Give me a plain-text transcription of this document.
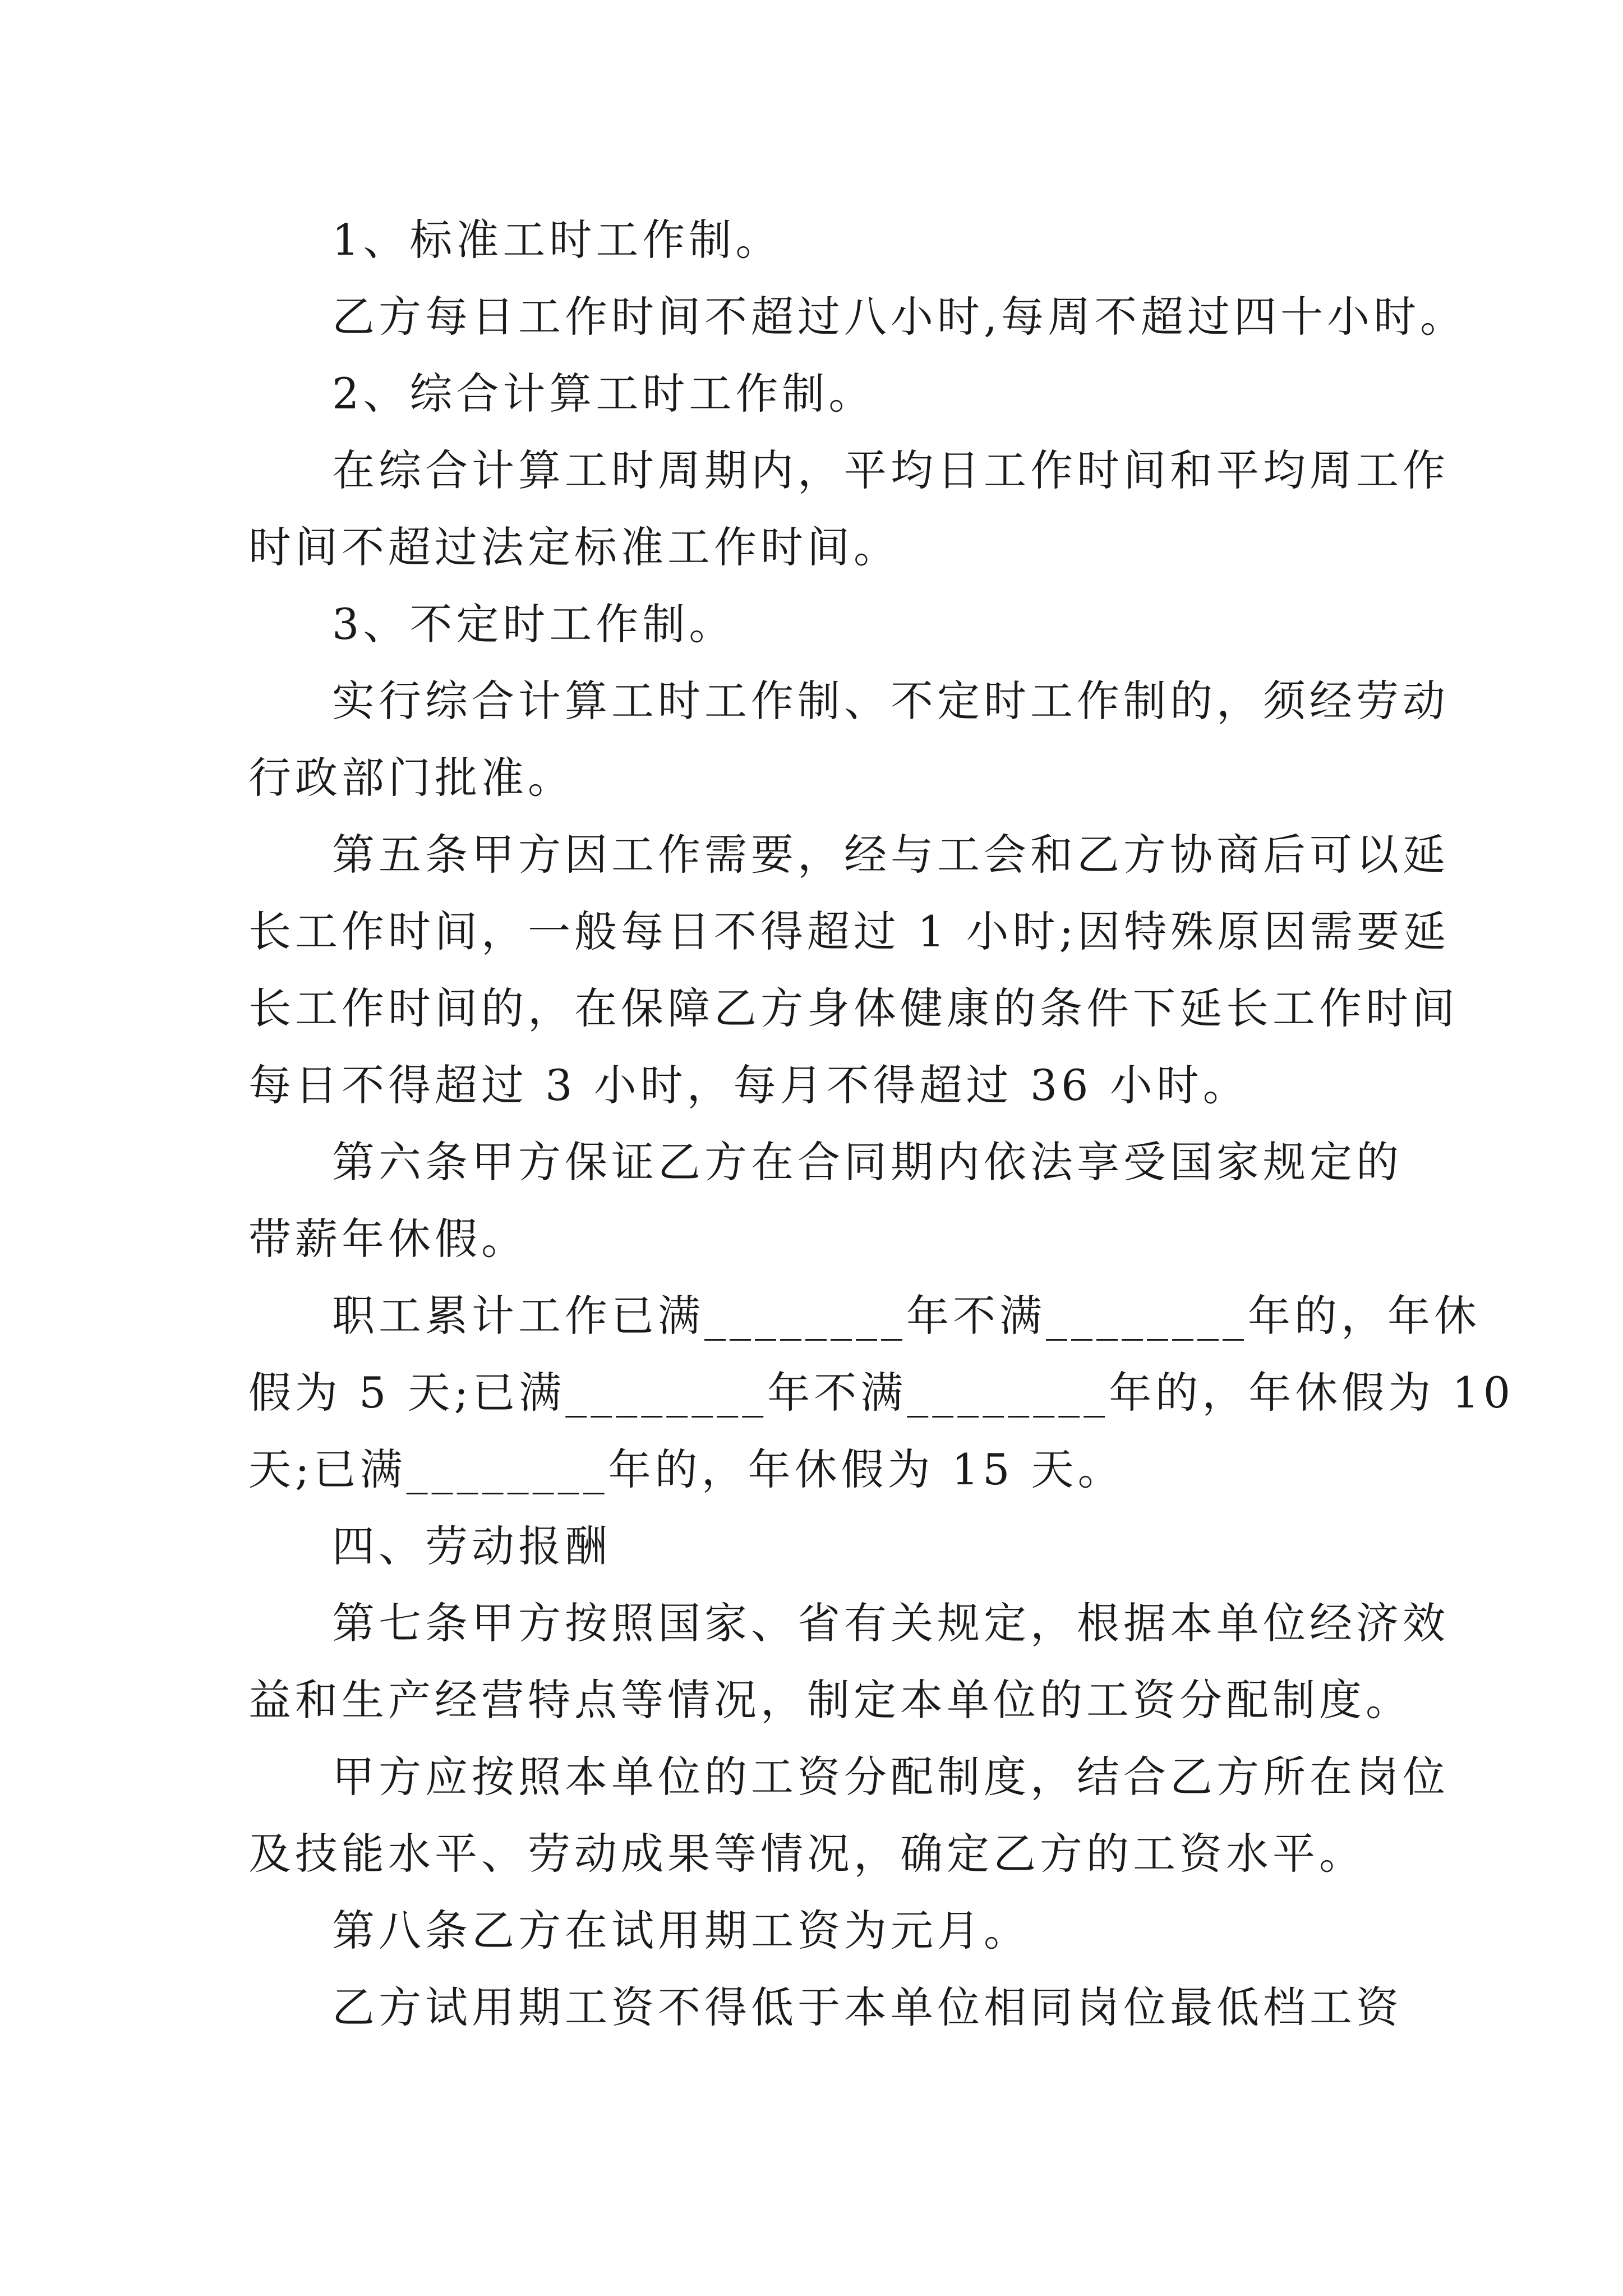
1、标准工时工作制。

乙方每日工作时间不超过八小时,每周不超过四十小时。

2、综合计算工时工作制。

在综合计算工时周期内，平均日工作时间和平均周工作

时间不超过法定标准工作时间。

3、不定时工作制。

实行综合计算工时工作制、不定时工作制的，须经劳动

行政部门批准。

第五条甲方因工作需要，经与工会和乙方协商后可以延

长工作时间，一般每日不得超过 1 小时;因特殊原因需要延

长工作时间的，在保障乙方身体健康的条件下延长工作时间

每日不得超过 3 小时，每月不得超过 36 小时。

第六条甲方保证乙方在合同期内依法享受国家规定的

带薪年休假。

职工累计工作已满________年不满________年的，年休

假为 5 天;已满________年不满________年的，年休假为 10

天;已满________年的，年休假为 15 天。

四、劳动报酬

第七条甲方按照国家、省有关规定，根据本单位经济效

益和生产经营特点等情况，制定本单位的工资分配制度。

甲方应按照本单位的工资分配制度，结合乙方所在岗位

及技能水平、劳动成果等情况，确定乙方的工资水平。

第八条乙方在试用期工资为元月。

乙方试用期工资不得低于本单位相同岗位最低档工资
